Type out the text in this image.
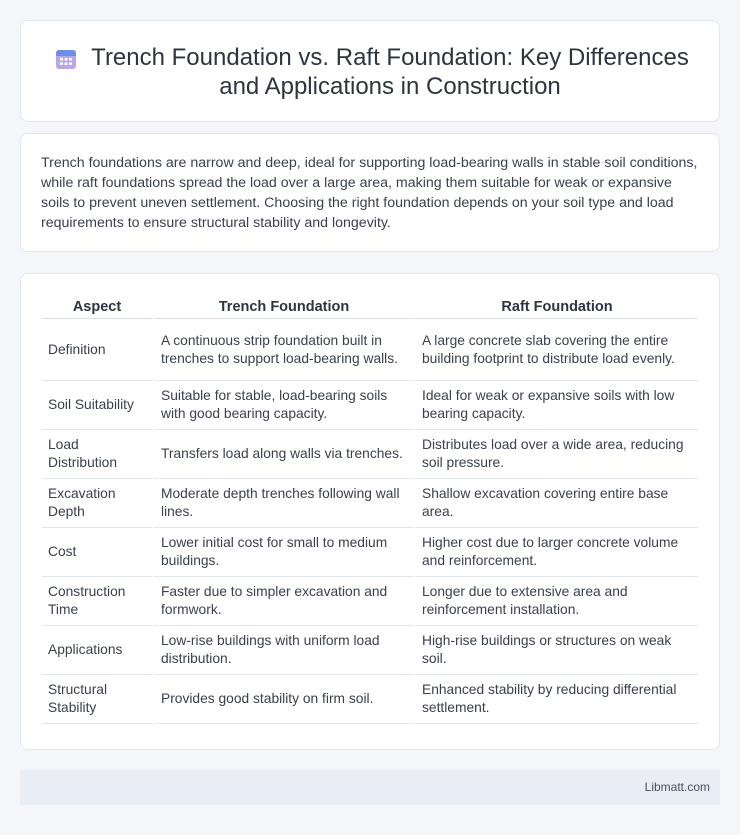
Trench Foundation vs. Raft Foundation: Key Differences and Applications in Construction

Trench foundations are narrow and deep, ideal for supporting load-bearing walls in stable soil conditions, while raft foundations spread the load over a large area, making them suitable for weak or expansive soils to prevent uneven settlement. Choosing the right foundation depends on your soil type and load requirements to ensure structural stability and longevity.

Aspect	Trench Foundation	Raft Foundation
Definition	A continuous strip foundation built in trenches to support load-bearing walls.	A large concrete slab covering the entire building footprint to distribute load evenly.
Soil Suitability	Suitable for stable, load-bearing soils with good bearing capacity.	Ideal for weak or expansive soils with low bearing capacity.
Load Distribution	Transfers load along walls via trenches.	Distributes load over a wide area, reducing soil pressure.
Excavation Depth	Moderate depth trenches following wall lines.	Shallow excavation covering entire base area.
Cost	Lower initial cost for small to medium buildings.	Higher cost due to larger concrete volume and reinforcement.
Construction Time	Faster due to simpler excavation and formwork.	Longer due to extensive area and reinforcement installation.
Applications	Low-rise buildings with uniform load distribution.	High-rise buildings or structures on weak soil.
Structural Stability	Provides good stability on firm soil.	Enhanced stability by reducing differential settlement.
Libmatt.com
